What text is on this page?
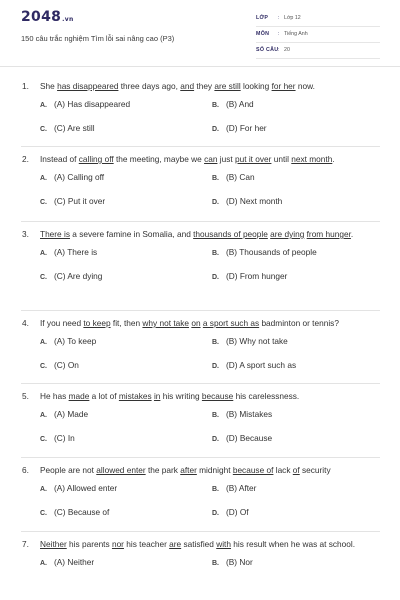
2048.vn
150 câu trắc nghiệm Tìm lỗi sai nâng cao (P3)
LỚP : Lớp 12
MÔN : Tiếng Anh
SỐ CÂU : 20
1. She has disappeared three days ago, and they are still looking for her now.
A. (A) Has disappeared	B. (B) And
C. (C) Are still	D. (D) For her
2. Instead of calling off the meeting, maybe we can just put it over until next month.
A. (A) Calling off	B. (B) Can
C. (C) Put it over	D. (D) Next month
3. There is a severe famine in Somalia, and thousands of people are dying from hunger.
A. (A) There is	B. (B) Thousands of people
C. (C) Are dying	D. (D) From hunger
4. If you need to keep fit, then why not take on a sport such as badminton or tennis?
A. (A) To keep	B. (B) Why not take
C. (C) On	D. (D) A sport such as
5. He has made a lot of mistakes in his writing because his carelessness.
A. (A) Made	B. (B) Mistakes
C. (C) In	D. (D) Because
6. People are not allowed enter the park after midnight because of lack of security
A. (A) Allowed enter	B. (B) After
C. (C) Because of	D. (D) Of
7. Neither his parents nor his teacher are satisfied with his result when he was at school.
A. (A) Neither	B. (B) Nor
